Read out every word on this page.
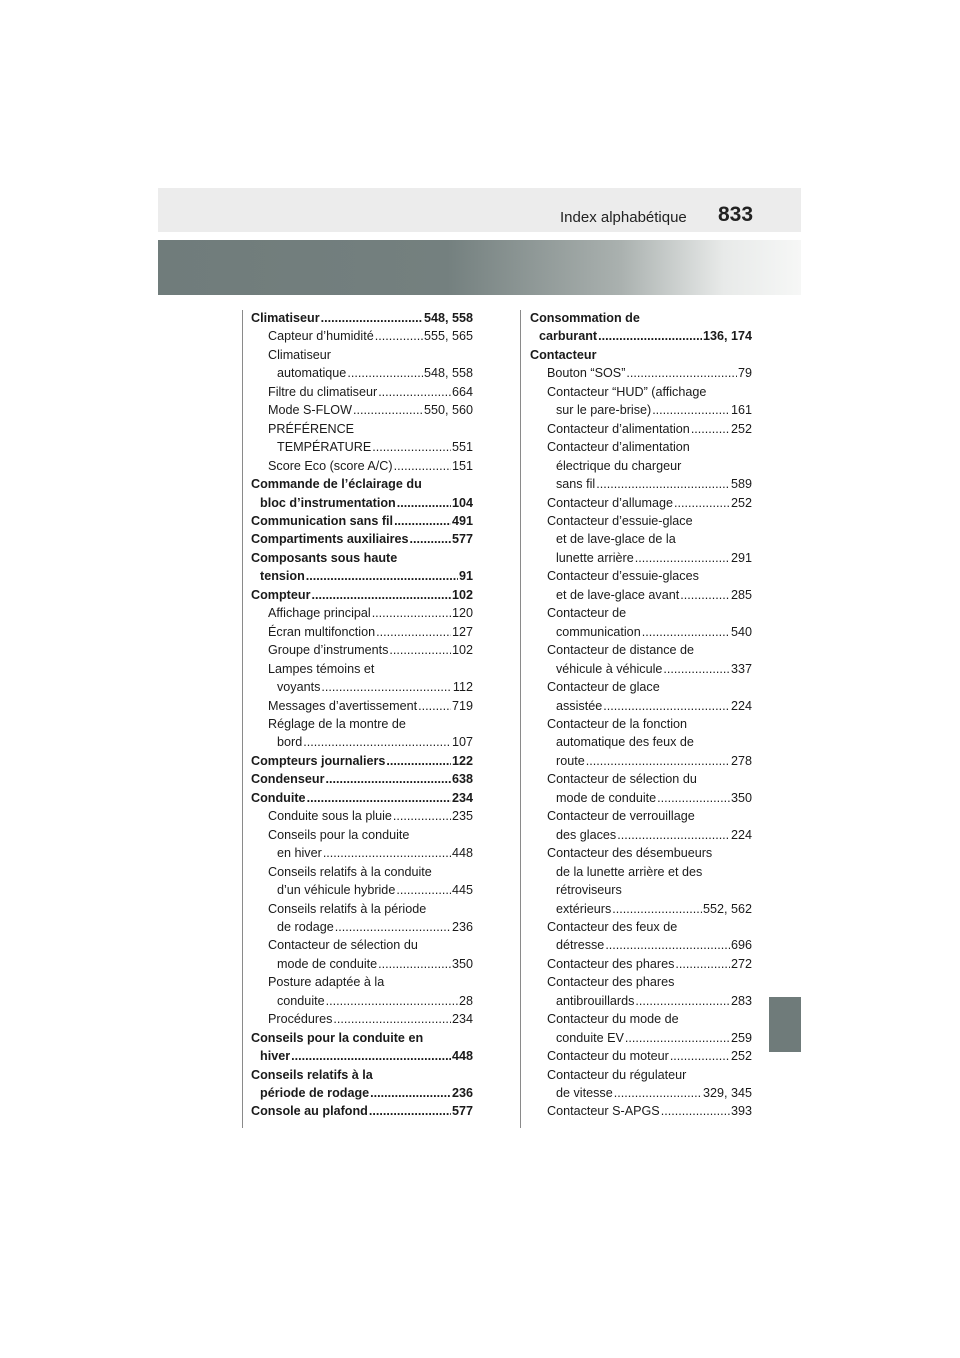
Index alphabétique 833
Climatiseur .....	548, 558
Capteur d’humidité .....	555, 565
Climatiseur
automatique .....	548, 558
Filtre du climatiseur .....	664
Mode S-FLOW .....	550, 560
PRÉFÉRENCE
TEMPÉRATURE .....	551
Score Eco (score A/C) .....	151
Commande de l’éclairage du
bloc d’instrumentation .....	104
Communication sans fil .....	491
Compartiments auxiliaires .....	577
Composants sous haute
tension .....	91
Compteur .....	102
Affichage principal .....	120
Écran multifonction .....	127
Groupe d’instruments .....	102
Lampes témoins et
voyants .....	112
Messages d’avertissement .....	719
Réglage de la montre de
bord .....	107
Compteurs journaliers .....	122
Condenseur .....	638
Conduite .....	234
Conduite sous la pluie .....	235
Conseils pour la conduite
en hiver .....	448
Conseils relatifs à la conduite
d’un véhicule hybride .....	445
Conseils relatifs à la période
de rodage .....	236
Contacteur de sélection du
mode de conduite .....	350
Posture adaptée à la
conduite .....	28
Procédures .....	234
Conseils pour la conduite en
hiver .....	448
Conseils relatifs à la
période de rodage .....	236
Console au plafond .....	577
Consommation de
carburant .....	136, 174
Contacteur
Bouton “SOS” .....	79
Contacteur “HUD” (affichage
sur le pare-brise) .....	161
Contacteur d’alimentation .....	252
Contacteur d’alimentation
électrique du chargeur
sans fil .....	589
Contacteur d’allumage .....	252
Contacteur d’essuie-glace
et de lave-glace de la
lunette arrière .....	291
Contacteur d’essuie-glaces
et de lave-glace avant .....	285
Contacteur de
communication .....	540
Contacteur de distance de
véhicule à véhicule .....	337
Contacteur de glace
assistée .....	224
Contacteur de la fonction
automatique des feux de
route .....	278
Contacteur de sélection du
mode de conduite .....	350
Contacteur de verrouillage
des glaces .....	224
Contacteur des désembueurs
de la lunette arrière et des
rétroviseurs
extérieurs .....	552, 562
Contacteur des feux de
détresse .....	696
Contacteur des phares .....	272
Contacteur des phares
antibrouillards .....	283
Contacteur du mode de
conduite EV .....	259
Contacteur du moteur .....	252
Contacteur du régulateur
de vitesse .....	329, 345
Contacteur S-APGS .....	393
